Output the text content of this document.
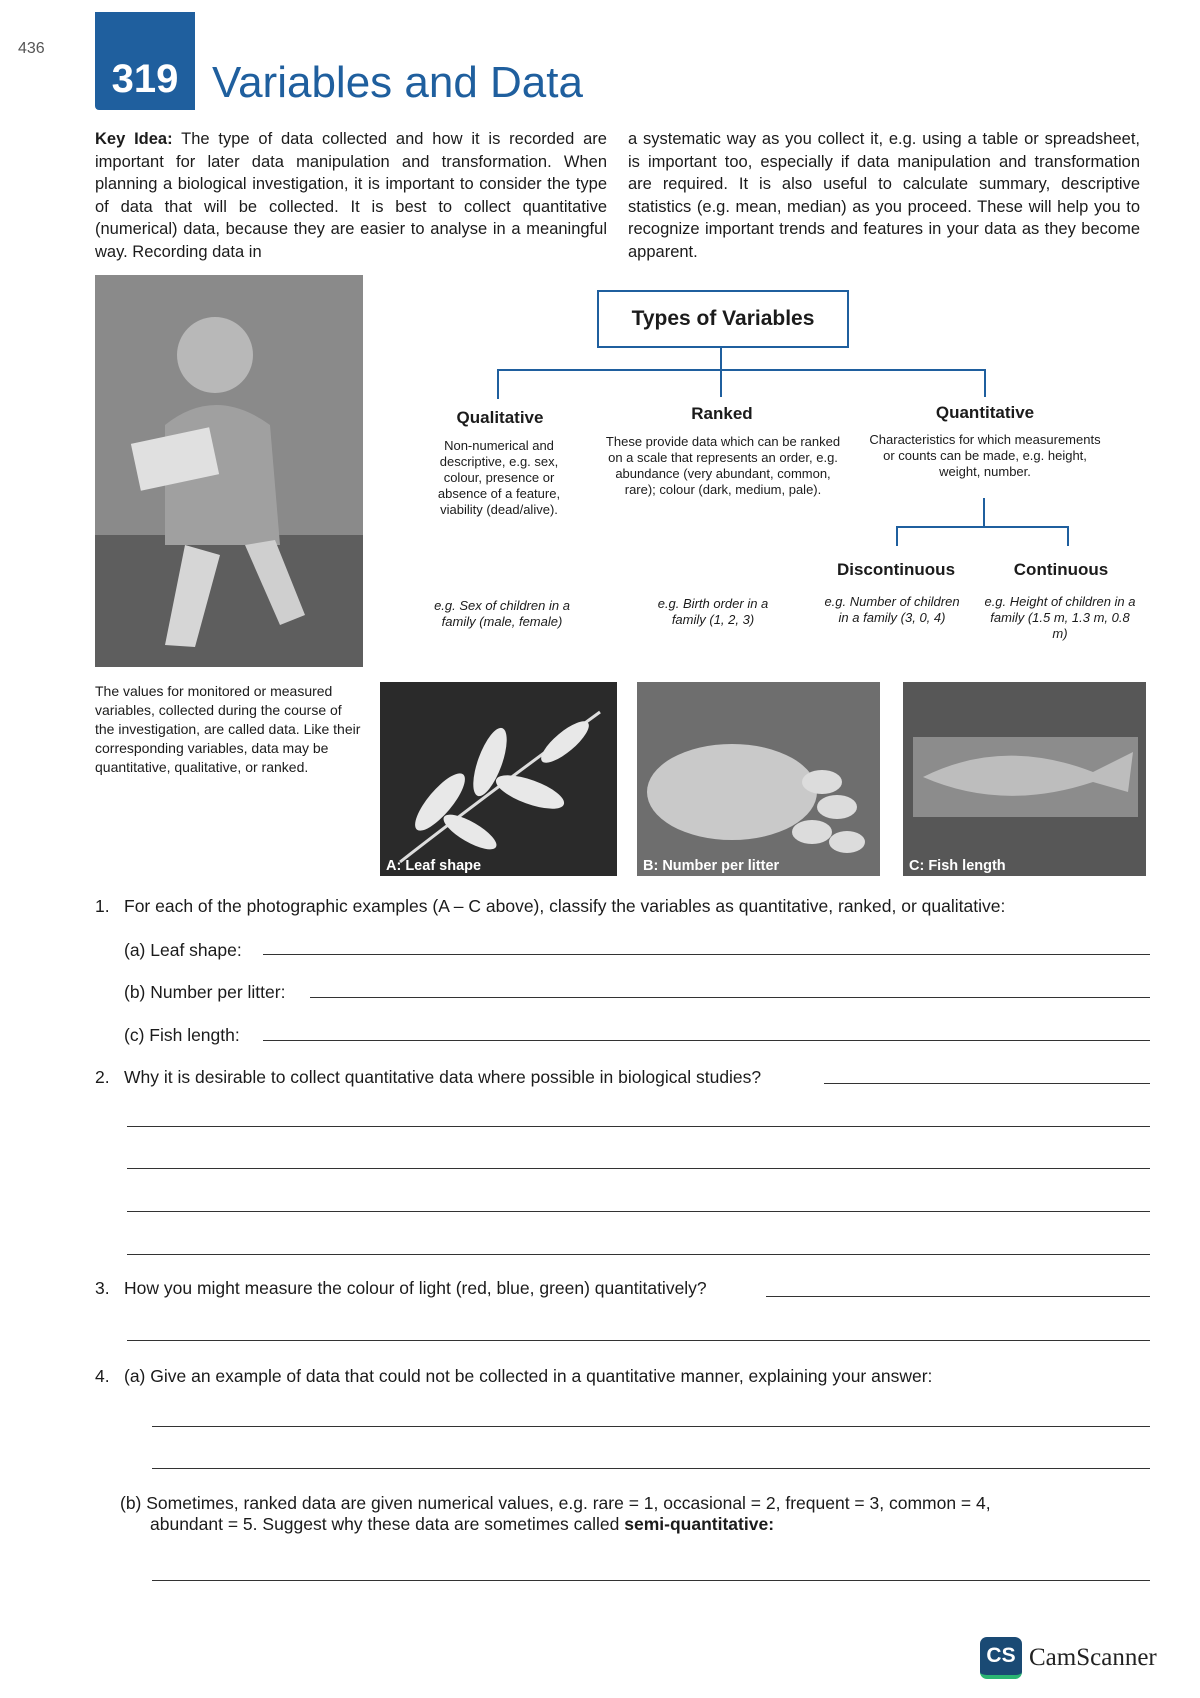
436
319 Variables and Data
Key Idea: The type of data collected and how it is recorded are important for later data manipulation and transformation. When planning a biological investigation, it is important to consider the type of data that will be collected. It is best to collect quantitative (numerical) data, because they are easier to analyse in a meaningful way. Recording data in
a systematic way as you collect it, e.g. using a table or spreadsheet, is important too, especially if data manipulation and transformation are required. It is also useful to calculate summary, descriptive statistics (e.g. mean, median) as you proceed. These will help you to recognize important trends and features in your data as they become apparent.
The values for monitored or measured variables, collected during the course of the investigation, are called data. Like their corresponding variables, data may be quantitative, qualitative, or ranked.
Types of Variables
Qualitative
Non-numerical and descriptive, e.g. sex, colour, presence or absence of a feature, viability (dead/alive).
Ranked
These provide data which can be ranked on a scale that represents an order, e.g. abundance (very abundant, common, rare); colour (dark, medium, pale).
Quantitative
Characteristics for which measurements or counts can be made, e.g. height, weight, number.
Discontinuous	Continuous
e.g. Sex of children in a family (male, female)
e.g. Birth order in a family (1, 2, 3)
e.g. Number of children in a family (3, 0, 4)
e.g. Height of children in a family (1.5 m, 1.3 m, 0.8 m)
A: Leaf shape	B: Number per litter	C: Fish length
1. For each of the photographic examples (A – C above), classify the variables as quantitative, ranked, or qualitative:
(a) Leaf shape:
(b) Number per litter:
(c) Fish length:
2. Why it is desirable to collect quantitative data where possible in biological studies?
3. How you might measure the colour of light (red, blue, green) quantitatively?
4. (a) Give an example of data that could not be collected in a quantitative manner, explaining your answer:
(b) Sometimes, ranked data are given numerical values, e.g. rare = 1, occasional = 2, frequent = 3, common = 4,
abundant = 5. Suggest why these data are sometimes called semi-quantitative:
CS CamScanner
